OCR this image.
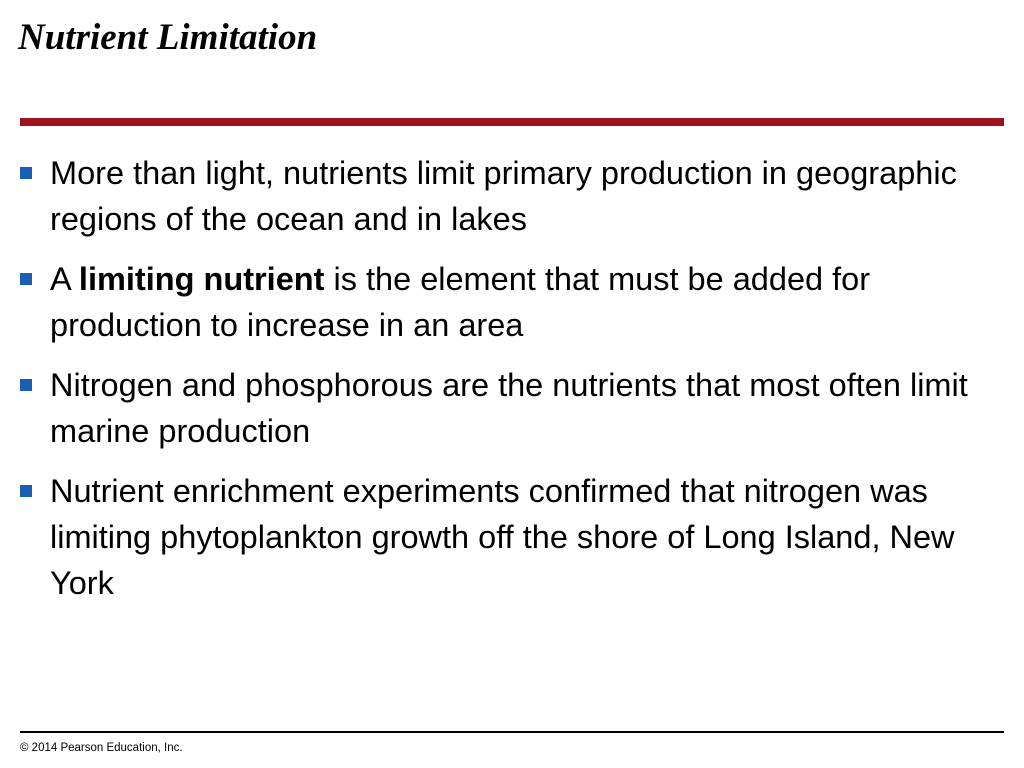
Nutrient Limitation
More than light, nutrients limit primary production in geographic regions of the ocean and in lakes
A limiting nutrient is the element that must be added for production to increase in an area
Nitrogen and phosphorous are the nutrients that most often limit marine production
Nutrient enrichment experiments confirmed that nitrogen was limiting phytoplankton growth off the shore of Long Island, New York

© 2014 Pearson Education, Inc.
